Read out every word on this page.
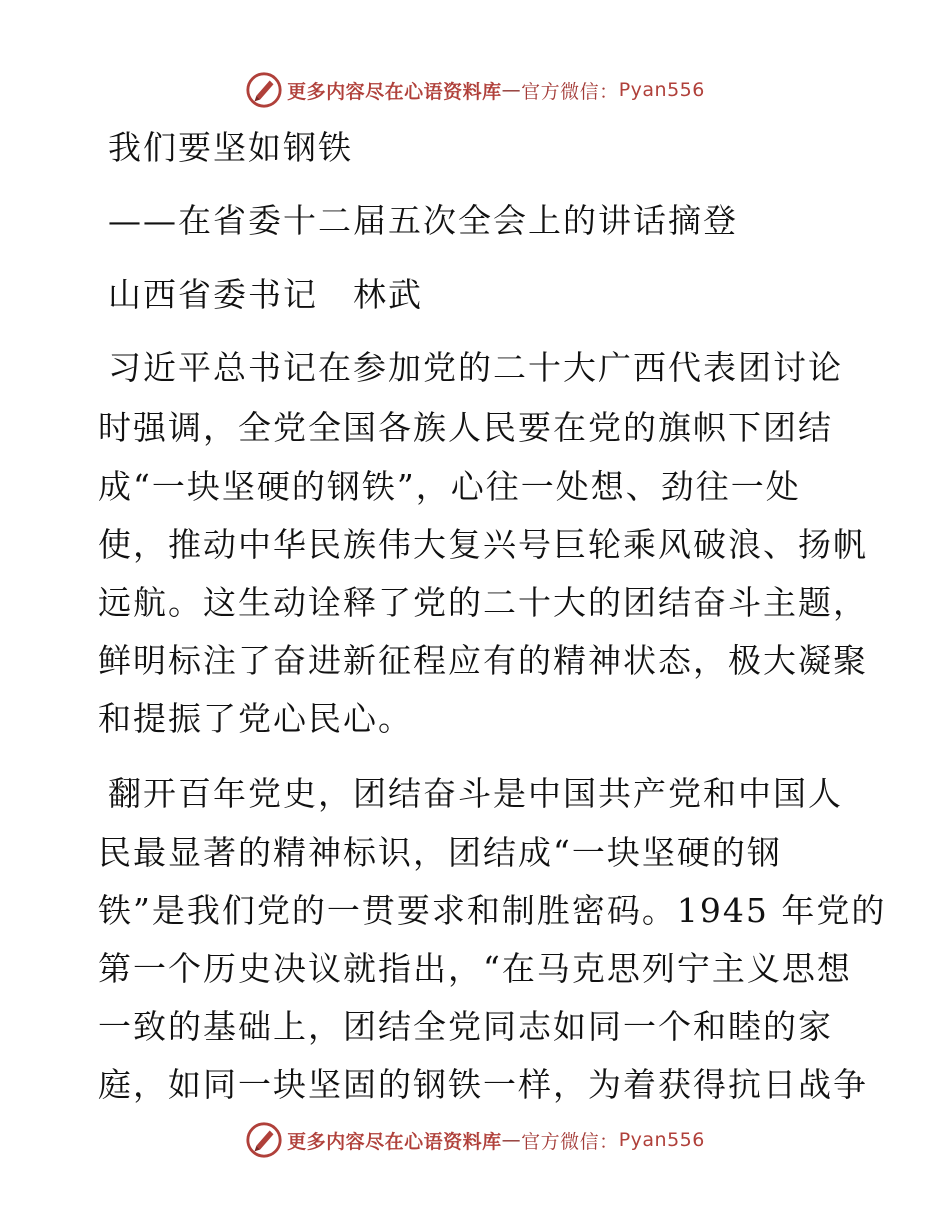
更多内容尽在心语资料库 — 官方微信： Pyan556
我们要坚如钢铁
——在省委十二届五次全会上的讲话摘登
山西省委书记　林武
习近平总书记在参加党的二十大广西代表团讨论
时强调，全党全国各族人民要在党的旗帜下团结
成“一块坚硬的钢铁”，心往一处想、劲往一处
使，推动中华民族伟大复兴号巨轮乘风破浪、扬帆
远航。这生动诠释了党的二十大的团结奋斗主题，
鲜明标注了奋进新征程应有的精神状态，极大凝聚
和提振了党心民心。
翻开百年党史，团结奋斗是中国共产党和中国人
民最显著的精神标识，团结成“一块坚硬的钢
铁”是我们党的一贯要求和制胜密码。1945 年党的
第一个历史决议就指出，“在马克思列宁主义思想
一致的基础上，团结全党同志如同一个和睦的家
庭，如同一块坚固的钢铁一样，为着获得抗日战争
更多内容尽在心语资料库 — 官方微信： Pyan556
